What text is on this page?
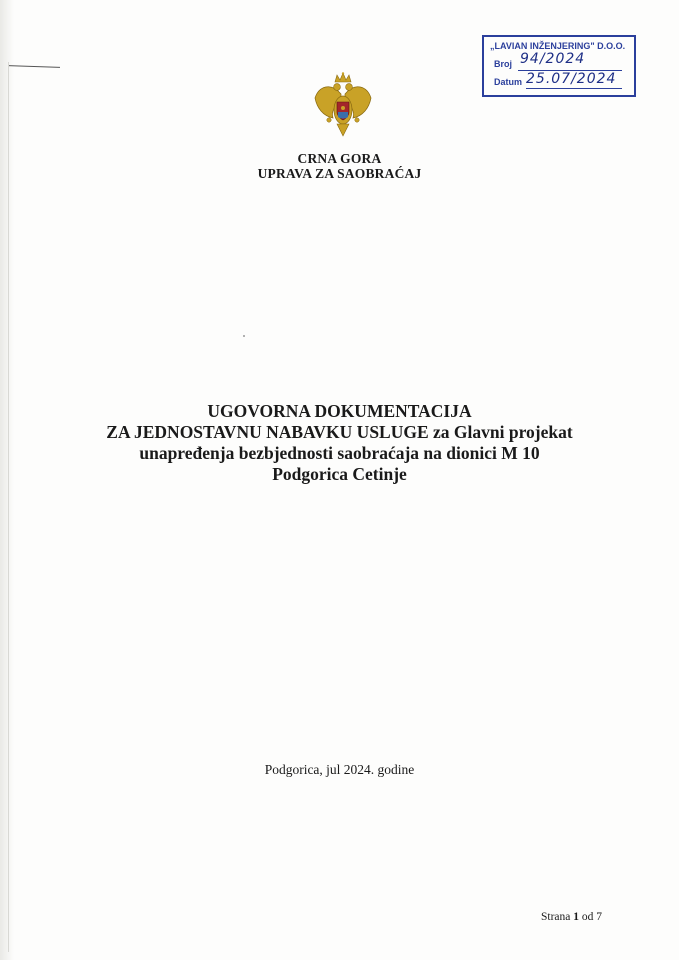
„LAVIAN INŽENJERING" D.O.O.
Broj 94/2024
Datum 25.07/2024
CRNA GORA
UPRAVA ZA SAOBRAĆAJ
UGOVORNA DOKUMENTACIJA
ZA JEDNOSTAVNU NABAVKU USLUGE za Glavni projekat
unapređenja bezbjednosti saobraćaja na dionici M 10
Podgorica Cetinje
Podgorica, jul 2024. godine
Strana 1 od 7
